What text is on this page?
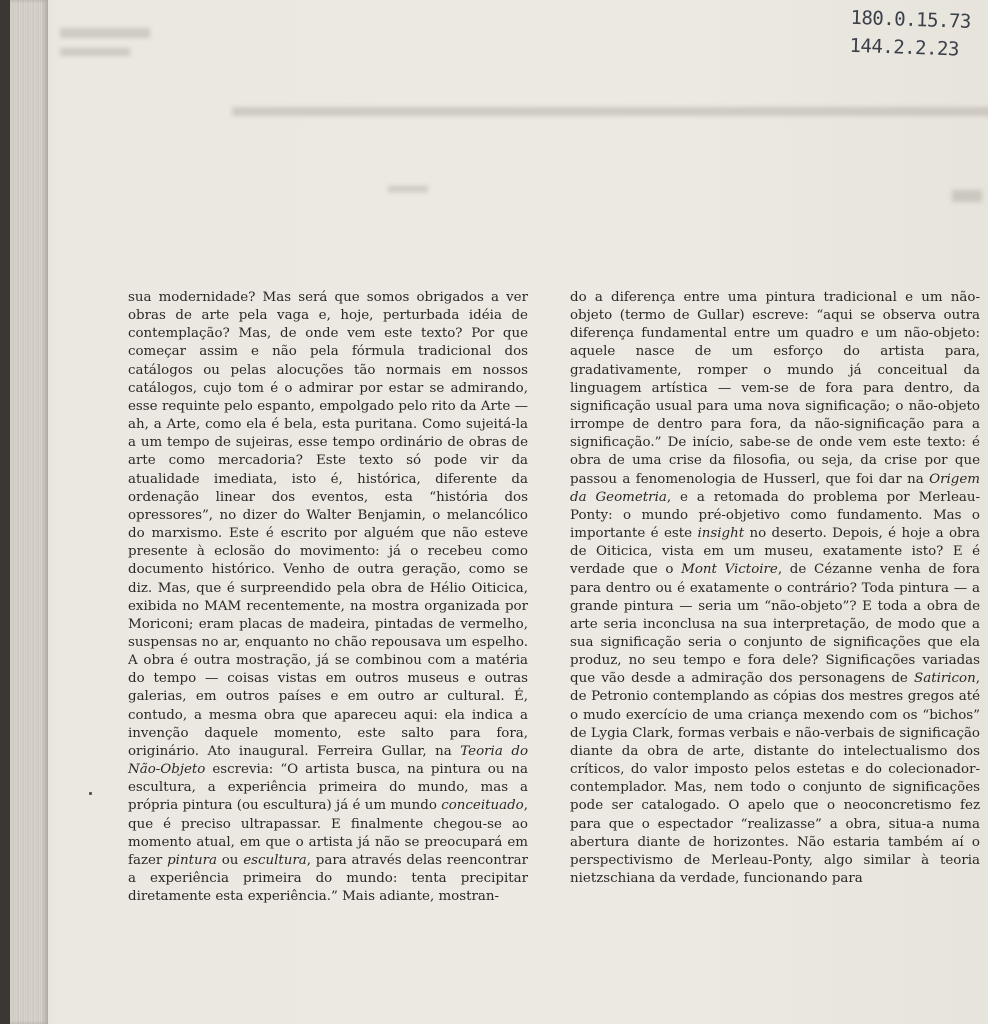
180.0.15.73
144.2.2.23

sua modernidade? Mas será que somos obrigados a ver obras de arte pela vaga e, hoje, perturbada idéia de contemplação? Mas, de onde vem este texto? Por que começar assim e não pela fórmula tradicional dos catálogos ou pelas alocuções tão normais em nossos catálogos, cujo tom é o admirar por estar se admirando, esse requinte pelo espanto, empolgado pelo rito da Arte — ah, a Arte, como ela é bela, esta puritana. Como sujeitá-la a um tempo de sujeiras, esse tempo ordinário de obras de arte como mercadoria? Este texto só pode vir da atualidade imediata, isto é, histórica, diferente da ordenação linear dos eventos, esta “história dos opressores”, no dizer do Walter Benjamin, o melancólico do marxismo. Este é escrito por alguém que não esteve presente à eclosão do movimento: já o recebeu como documento histórico. Venho de outra geração, como se diz. Mas, que é surpreendido pela obra de Hélio Oiticica, exibida no MAM recentemente, na mostra organizada por Moriconi; eram placas de madeira, pintadas de vermelho, suspensas no ar, enquanto no chão repousava um espelho. A obra é outra mostração, já se combinou com a matéria do tempo — coisas vistas em outros museus e outras galerias, em outros países e em outro ar cultural. É, contudo, a mesma obra que apareceu aqui: ela indica a invenção daquele momento, este salto para fora, originário. Ato inaugural. Ferreira Gullar, na Teoria do Não-Objeto escrevia: “O artista busca, na pintura ou na escultura, a experiência primeira do mundo, mas a própria pintura (ou escultura) já é um mundo conceituado, que é preciso ultrapassar. E finalmente chegou-se ao momento atual, em que o artista já não se preocupará em fazer pintura ou escultura, para através delas reencontrar a experiência primeira do mundo: tenta precipitar diretamente esta experiência.” Mais adiante, mostran-

do a diferença entre uma pintura tradicional e um não-objeto (termo de Gullar) escreve: “aqui se observa outra diferença fundamental entre um quadro e um não-objeto: aquele nasce de um esforço do artista para, gradativamente, romper o mundo já conceitual da linguagem artística — vem-se de fora para dentro, da significação usual para uma nova significação; o não-objeto irrompe de dentro para fora, da não-significação para a significação.” De início, sabe-se de onde vem este texto: é obra de uma crise da filosofia, ou seja, da crise por que passou a fenomenologia de Husserl, que foi dar na Origem da Geometria, e a retomada do problema por Merleau-Ponty: o mundo pré-objetivo como fundamento. Mas o importante é este insight no deserto. Depois, é hoje a obra de Oiticica, vista em um museu, exatamente isto? E é verdade que o Mont Victoire, de Cézanne venha de fora para dentro ou é exatamente o contrário? Toda pintura — a grande pintura — seria um “não-objeto”? E toda a obra de arte seria inconclusa na sua interpretação, de modo que a sua significação seria o conjunto de significações que ela produz, no seu tempo e fora dele? Significações variadas que vão desde a admiração dos personagens de Satiricon, de Petronio contemplando as cópias dos mestres gregos até o mudo exercício de uma criança mexendo com os “bichos” de Lygia Clark, formas verbais e não-verbais de significação diante da obra de arte, distante do intelectualismo dos críticos, do valor imposto pelos estetas e do colecionador-contemplador. Mas, nem todo o conjunto de significações pode ser catalogado. O apelo que o neoconcretismo fez para que o espectador “realizasse” a obra, situa-a numa abertura diante de horizontes. Não estaria também aí o perspectivismo de Merleau-Ponty, algo similar à teoria nietzschiana da verdade, funcionando para
